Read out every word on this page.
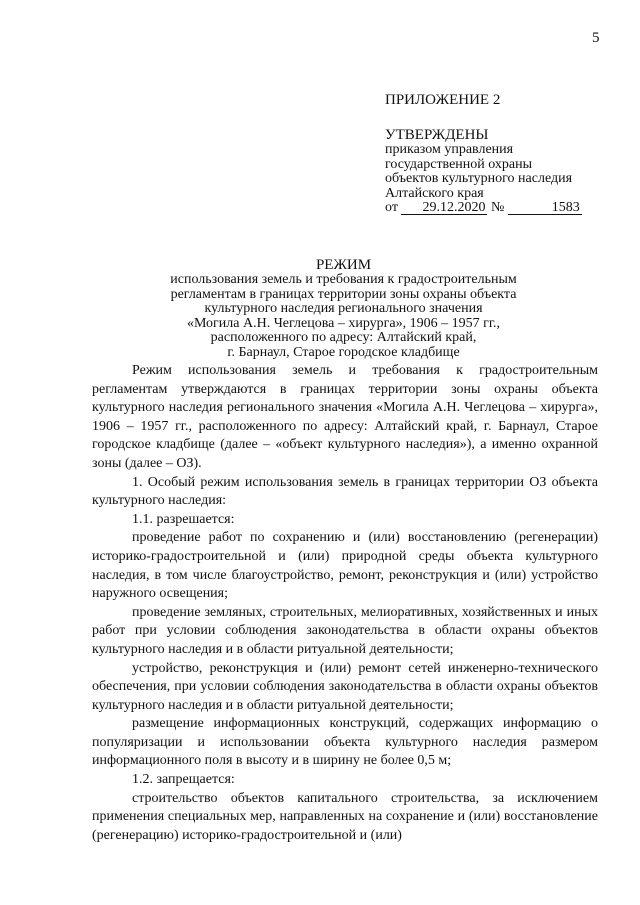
5
ПРИЛОЖЕНИЕ 2
УТВЕРЖДЕНЫ
приказом управления
государственной охраны
объектов культурного наследия
Алтайского края
от 29.12.2020 №	1583
РЕЖИМ
использования земель и требования к градостроительным
регламентам в границах территории зоны охраны объекта
культурного наследия регионального значения
«Могила А.Н. Чеглецова – хирурга», 1906 – 1957 гг.,
расположенного по адресу: Алтайский край,
г. Барнаул, Старое городское кладбище

Режим использования земель и требования к градостроительным регламентам утверждаются в границах территории зоны охраны объекта культурного наследия регионального значения «Могила А.Н. Чеглецова – хирурга», 1906 – 1957 гг., расположенного по адресу: Алтайский край, г. Барнаул, Старое городское кладбище (далее – «объект культурного наследия»), а именно охранной зоны (далее – ОЗ).

1. Особый режим использования земель в границах территории ОЗ объекта культурного наследия:

1.1. разрешается:

проведение работ по сохранению и (или) восстановлению (регенерации) историко-градостроительной и (или) природной среды объекта культурного наследия, в том числе благоустройство, ремонт, реконструкция и (или) устройство наружного освещения;

проведение земляных, строительных, мелиоративных, хозяйственных и иных работ при условии соблюдения законодательства в области охраны объектов культурного наследия и в области ритуальной деятельности;

устройство, реконструкция и (или) ремонт сетей инженерно-технического обеспечения, при условии соблюдения законодательства в области охраны объектов культурного наследия и в области ритуальной деятельности;

размещение информационных конструкций, содержащих информацию о популяризации и использовании объекта культурного наследия размером информационного поля в высоту и в ширину не более 0,5 м;

1.2. запрещается:

строительство объектов капитального строительства, за исключением применения специальных мер, направленных на сохранение и (или) восстановление (регенерацию) историко-градостроительной и (или)
